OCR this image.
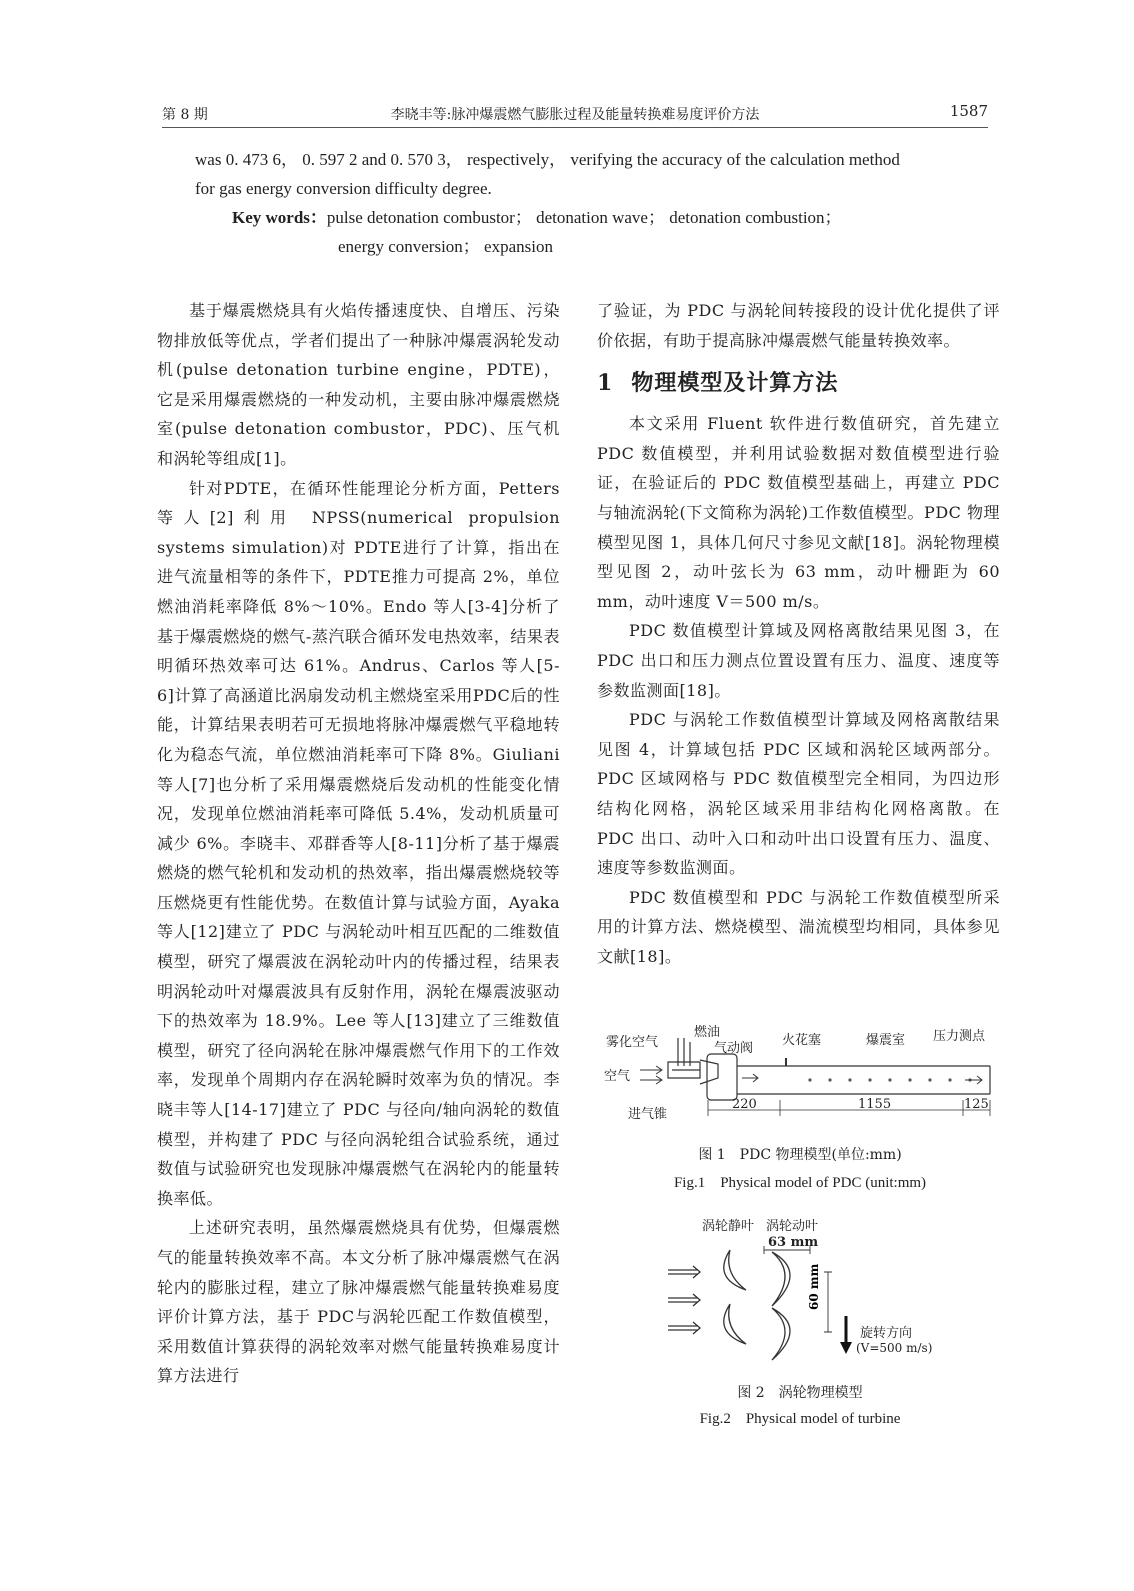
第 8 期	李晓丰等:脉冲爆震燃气膨胀过程及能量转换难易度评价方法	1587
was 0. 473 6， 0. 597 2 and 0. 570 3， respectively， verifying the accuracy of the calculation method
for gas energy conversion difficulty degree.
Key words：pulse detonation combustor； detonation wave； detonation combustion；
energy conversion； expansion

基于爆震燃烧具有火焰传播速度快、自增压、污染物排放低等优点，学者们提出了一种脉冲爆震涡轮发动机(pulse detonation turbine engine，PDTE)，它是采用爆震燃烧的一种发动机，主要由脉冲爆震燃烧室(pulse detonation combustor，PDC)、压气机和涡轮等组成[1]。

针对PDTE，在循环性能理论分析方面，Petters 等人[2]利用 NPSS(numerical propulsion systems simulation)对 PDTE进行了计算，指出在进气流量相等的条件下，PDTE推力可提高 2%，单位燃油消耗率降低 8%～10%。Endo 等人[3-4]分析了基于爆震燃烧的燃气-蒸汽联合循环发电热效率，结果表明循环热效率可达 61%。Andrus、Carlos 等人[5-6]计算了高涵道比涡扇发动机主燃烧室采用PDC后的性能，计算结果表明若可无损地将脉冲爆震燃气平稳地转化为稳态气流，单位燃油消耗率可下降 8%。Giuliani 等人[7]也分析了采用爆震燃烧后发动机的性能变化情况，发现单位燃油消耗率可降低 5.4%，发动机质量可减少 6%。李晓丰、邓群香等人[8-11]分析了基于爆震燃烧的燃气轮机和发动机的热效率，指出爆震燃烧较等压燃烧更有性能优势。在数值计算与试验方面，Ayaka 等人[12]建立了 PDC 与涡轮动叶相互匹配的二维数值模型，研究了爆震波在涡轮动叶内的传播过程，结果表明涡轮动叶对爆震波具有反射作用，涡轮在爆震波驱动下的热效率为 18.9%。Lee 等人[13]建立了三维数值模型，研究了径向涡轮在脉冲爆震燃气作用下的工作效率，发现单个周期内存在涡轮瞬时效率为负的情况。李晓丰等人[14-17]建立了 PDC 与径向/轴向涡轮的数值模型，并构建了 PDC 与径向涡轮组合试验系统，通过数值与试验研究也发现脉冲爆震燃气在涡轮内的能量转换率低。

上述研究表明，虽然爆震燃烧具有优势，但爆震燃气的能量转换效率不高。本文分析了脉冲爆震燃气在涡轮内的膨胀过程，建立了脉冲爆震燃气能量转换难易度评价计算方法，基于 PDC与涡轮匹配工作数值模型，采用数值计算获得的涡轮效率对燃气能量转换难易度计算方法进行

了验证，为 PDC 与涡轮间转接段的设计优化提供了评价依据，有助于提高脉冲爆震燃气能量转换效率。

1 物理模型及计算方法

本文采用 Fluent 软件进行数值研究，首先建立 PDC 数值模型，并利用试验数据对数值模型进行验证，在验证后的 PDC 数值模型基础上，再建立 PDC 与轴流涡轮(下文简称为涡轮)工作数值模型。PDC 物理模型见图 1，具体几何尺寸参见文献[18]。涡轮物理模型见图 2，动叶弦长为 63 mm，动叶栅距为 60 mm，动叶速度 V＝500 m/s。

PDC 数值模型计算域及网格离散结果见图 3，在 PDC 出口和压力测点位置设置有压力、温度、速度等参数监测面[18]。

PDC 与涡轮工作数值模型计算域及网格离散结果见图 4，计算域包括 PDC 区域和涡轮区域两部分。PDC 区域网格与 PDC 数值模型完全相同，为四边形结构化网格，涡轮区域采用非结构化网格离散。在 PDC 出口、动叶入口和动叶出口设置有压力、温度、速度等参数监测面。

PDC 数值模型和 PDC 与涡轮工作数值模型所采用的计算方法、燃烧模型、湍流模型均相同，具体参见文献[18]。

雾化空气
燃油
气动阀
火花塞	爆震室 压力测点
空气
进气锥
220	1155	125
图 1　PDC 物理模型(单位:mm)
Fig.1　Physical model of PDC (unit:mm)
涡轮静叶 涡轮动叶
63 mm
旋转方向
(V=500 m/s)
60 mm
图 2　涡轮物理模型
Fig.2　Physical model of turbine
